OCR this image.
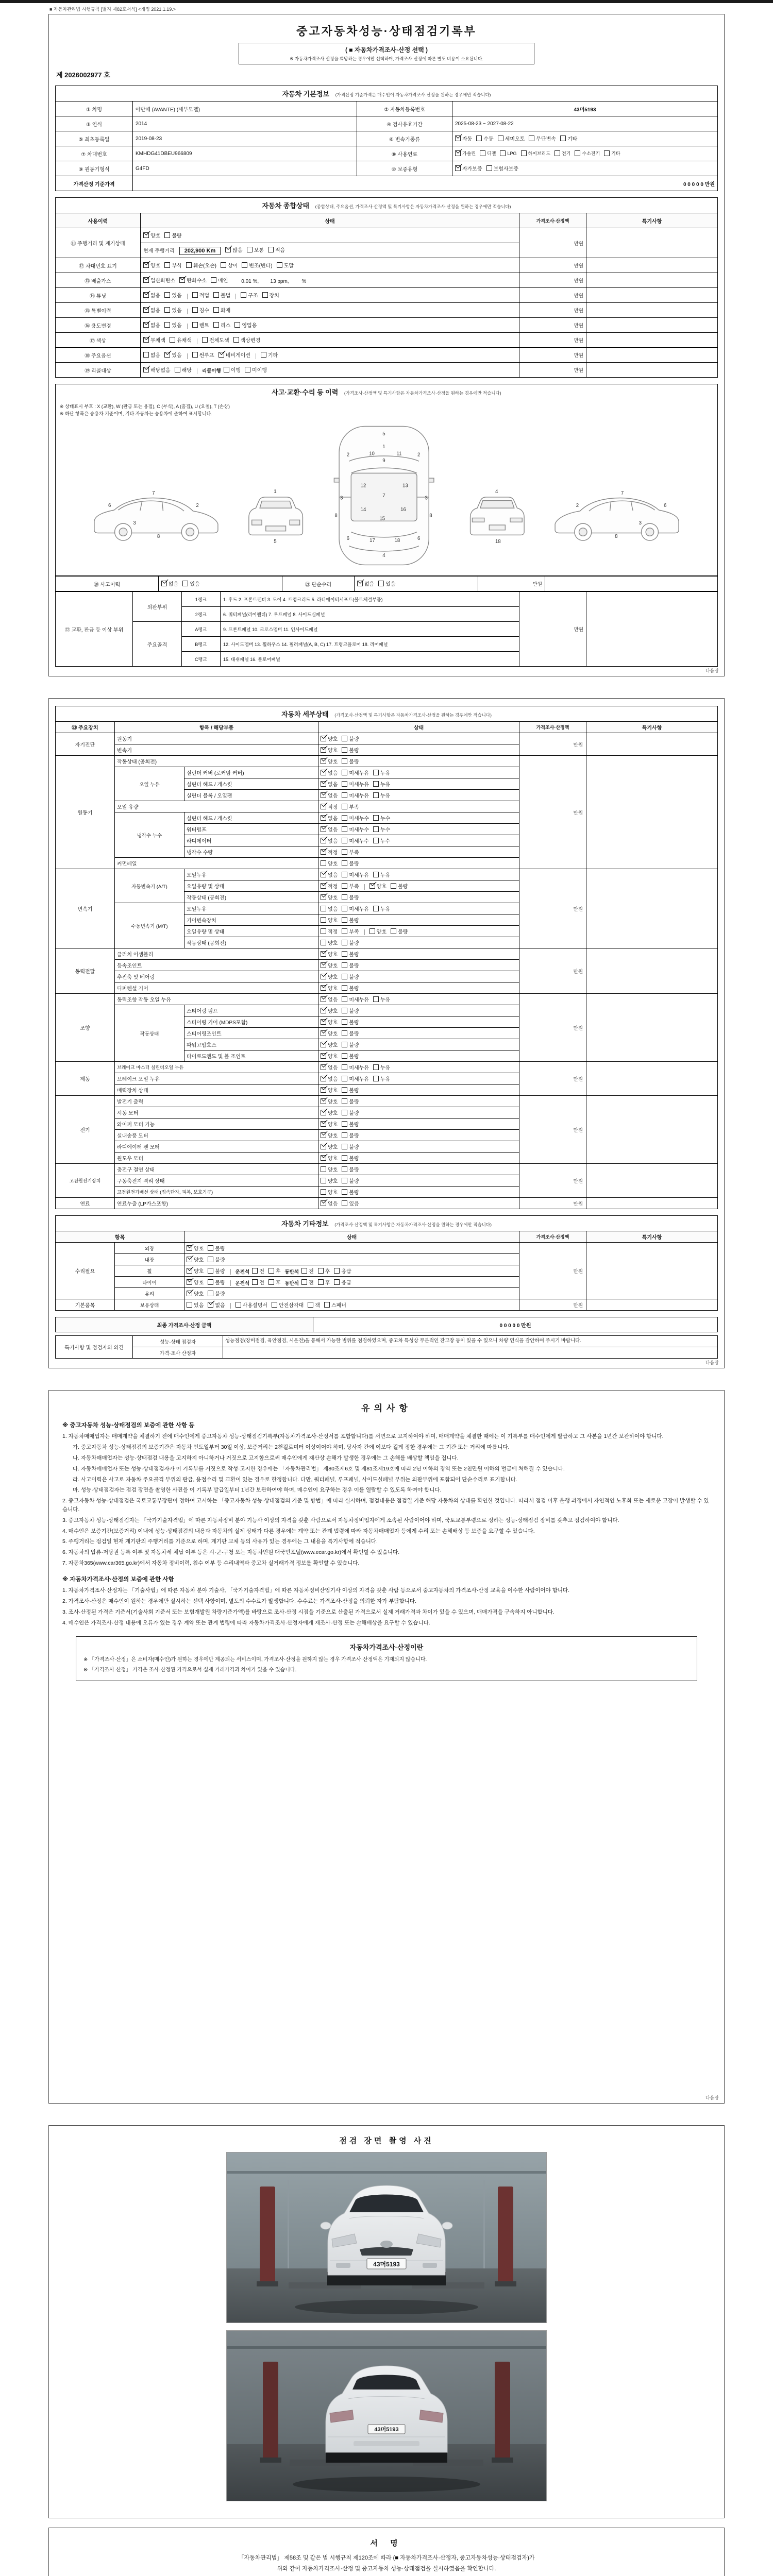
■ 자동차관리법 시행규칙 [별지 제82호서식] <개정 2021.1.19.>
중고자동차성능·상태점검기록부
( ■ 자동차가격조사·산정 선택 )
※ 자동차가격조사·산정을 희망하는 경우에만 선택하며, 가격조사·산정에 따른 별도 비용이 소요됩니다.
제 2026002977 호
자동차 기본정보 (가격산정 기준가격은 매수인이 자동차가격조사·산정을 원하는 경우에만 적습니다)
① 차명	아반떼 (AVANTE) (세부모델)	② 자동차등록번호	43머5193
③ 연식	2014	④ 검사유효기간	2025-08-23 ~ 2027-08-22
⑤ 최초등록일	2019-08-23	⑥ 변속기종류	자동 수동 세미오토 무단변속 기타

⑦ 차대번호	KMHDG41DBEU966809	⑧ 사용연료	가솔린 디젤 LPG 하이브리드 전기 수소전기 기타

⑨ 원동기형식	G4FD	⑩ 보증유형	자가보증 보험사보증

가격산정 기준가격	0 0 0 0 0 만원		
자동차 종합상태 (종합상태, 주요옵션, 가격조사·산정액 및 특기사항은 자동차가격조사·산정을 원하는 경우에만 적습니다)
사용이력	상태	가격조사·산정액	특기사항
⑪ 주행거리 및 계기상태	양호 불량	만원	
	현재 주행거리 202,900 Km 많음 보통 적음		

⑫ 차대번호 표기	양호 부식 훼손(오손) 상이 변조(변타) 도말	만원	
⑬ 배출가스	일산화탄소 탄화수소 매연 0.01 %,        13 ppm,         %	만원	
⑭ 튜닝	없음 있음	적법 불법	구조 장치	만원	
⑮ 특별이력	없음 있음 침수 화재	만원	
⑯ 용도변경	없음 있음 렌트 리스 영업용	만원	
⑰ 색상	무채색 유채색 전체도색 색상변경	만원	
⑱ 주요옵션	없음 있음 썬루프 네비게이션 기타	만원	
⑲ 리콜대상	해당없음 해당 리콜이행 이행 미이행	만원	
사고·교환·수리 등 이력 (가격조사·산정액 및 특기사항은 자동차가격조사·산정을 원하는 경우에만 적습니다)
※ 상태표시 부호 : X (교환), W (판금 또는 용접), C (부식), A (흠집), U (요철), T (손상)
※ 하단 항목은 승용차 기준이며, 기타 자동차는 승용차에 준하여 표시합니다.
5
1
9
10	11
2	2
3	3
8	8
7
12	13
14
15
16
6	6
17	18
4
7
3
2
6
8
7
3
2	6
8
1
5
4
18
⑳ 사고이력	없음 있음	㉑ 단순수리	없음 있음	만원	
㉒ 교환, 판금 등 이상 부위	외판부위	1랭크	1. 후드 2. 프론트펜더 3. 도어 4. 트렁크리드 5. 라디에이터서포트(볼트체결부품)	만원	
		2랭크	6. 쿼터패널(리어펜더) 7. 루프패널 8. 사이드실패널		
	주요골격	A랭크	9. 프론트패널 10. 크로스멤버 11. 인사이드패널		
		B랭크	12. 사이드멤버 13. 휠하우스 14. 필러패널(A, B, C) 17. 트렁크플로어 18. 리어패널		
		C랭크	15. 대쉬패널 16. 플로어패널		
다음장
자동차 세부상태 (가격조사·산정액 및 특기사항은 자동차가격조사·산정을 원하는 경우에만 적습니다)
㉓ 주요장치	항목 / 해당부품		상태	가격조사·산정액	특기사항
자기진단	원동기		양호 불량	만원	
	변속기		양호 불량		

원동기	작동상태 (공회전)		양호 불량	만원	
	오일 누유	실린더 커버 (로커암 커버)	없음 미세누유 누유		

		실린더 헤드 / 개스킷	없음 미세누유 누유		

		실린더 블록 / 오일팬	없음 미세누유 누유		

	오일 유량		적정 부족		

	냉각수 누수	실린더 헤드 / 개스킷	없음 미세누수 누수		

		워터펌프	없음 미세누수 누수		

		라디에이터	없음 미세누수 누수		

		냉각수 수량	적정 부족		

	커먼레일		양호 불량		

변속기	자동변속기 (A/T)	오일누유	없음 미세누유 누유	만원	
		오일유량 및 상태	적정 부족 양호 불량		

		작동상태 (공회전)	양호 불량		

	수동변속기 (M/T)	오일누유	없음 미세누유 누유		

		기어변속장치	양호 불량		

		오일유량 및 상태	적정 부족 양호 불량		

		작동상태 (공회전)	양호 불량		

동력전달	클러치 어셈블리		양호 불량	만원	
	등속조인트		양호 불량		

	추진축 및 베어링		양호 불량		

	디퍼렌셜 기어		양호 불량		

조향	동력조향 작동 오일 누유		없음 미세누유 누유	만원	
	작동상태	스티어링 펌프	양호 불량		

		스티어링 기어 (MDPS포함)	양호 불량		

		스티어링조인트	양호 불량		

		파워고압호스	양호 불량		

		타이로드엔드 및 볼 조인트	양호 불량		

제동	브레이크 마스터 실린더오일 누유		없음 미세누유 누유	만원	
	브레이크 오일 누유		없음 미세누유 누유		

	배력장치 상태		양호 불량		

전기	발전기 출력		양호 불량	만원	
	시동 모터		양호 불량		

	와이퍼 모터 기능		양호 불량		

	실내송풍 모터		양호 불량		

	라디에이터 팬 모터		양호 불량		

	윈도우 모터		양호 불량		

고전원전기장치	충전구 절연 상태		양호 불량	만원	
	구동축전지 격리 상태		양호 불량		

	고전원전기배선 상태 (접속단자, 피복, 보호기구)		양호 불량		

연료	연료누출 (LP가스포함)		없음 있음	만원	
자동차 기타정보 (가격조사·산정액 및 특기사항은 자동차가격조사·산정을 원하는 경우에만 적습니다)
항목		상태	가격조사·산정액	특기사항
수리필요	외장	양호 불량	만원	
	내장	양호 불량		

휠	양호 불량 운전석 전 후 동반석 전 후 응급

타이어	양호 불량 운전석 전 후 동반석 전 후 응급

	유리	양호 불량		

기본품목	보유상태	있음 없음	사용설명서 안전삼각대 잭 스패너	만원	
최종 가격조사·산정 금액	0 0 0 0 0 만원
특기사항 및 점검자의 의견	성능·상태 점검자	성능점검(장비점검, 육안점검, 시운전)을 통해서 가능한 범위를 점검하였으며, 중고차 특성상 부분적인 잔고장 등이 있을 수 있으니 차량 연식을 감안하여 주시기 바랍니다.
	가격·조사 산정자	
다음장
유의사항

※ 중고자동차 성능·상태점검의 보증에 관한 사항 등

1. 자동차매매업자는 매매계약을 체결하기 전에 매수인에게 중고자동차 성능·상태점검기록부(자동차가격조사·산정서를 포함합니다)를 서면으로 고지하여야 하며, 매매계약을 체결한 때에는 이 기록부를 매수인에게 발급하고 그 사본을 1년간 보관하여야 합니다.

가. 중고자동차 성능·상태점검의 보증기간은 자동차 인도일부터 30일 이상, 보증거리는 2천킬로미터 이상이어야 하며, 당사자 간에 이보다 길게 정한 경우에는 그 기간 또는 거리에 따릅니다.

나. 자동차매매업자는 성능·상태점검 내용을 고지하지 아니하거나 거짓으로 고지함으로써 매수인에게 재산상 손해가 발생한 경우에는 그 손해를 배상할 책임을 집니다.

다. 자동차매매업자 또는 성능·상태점검자가 이 기록부를 거짓으로 작성·고지한 경우에는 「자동차관리법」 제80조제6호 및 제81조제19호에 따라 2년 이하의 징역 또는 2천만원 이하의 벌금에 처해질 수 있습니다.

라. 사고이력은 사고로 자동차 주요골격 부위의 판금, 용접수리 및 교환이 있는 경우로 한정합니다. 다만, 쿼터패널, 루프패널, 사이드실패널 부위는 외판부위에 포함되어 단순수리로 표기합니다.

마. 성능·상태점검자는 점검 장면을 촬영한 사진을 이 기록부 발급일부터 1년간 보관하여야 하며, 매수인이 요구하는 경우 이를 열람할 수 있도록 하여야 합니다.

2. 중고자동차 성능·상태점검은 국토교통부장관이 정하여 고시하는 「중고자동차 성능·상태점검의 기준 및 방법」에 따라 실시하며, 점검내용은 점검일 기준 해당 자동차의 상태를 확인한 것입니다. 따라서 점검 이후 운행 과정에서 자연적인 노후화 또는 새로운 고장이 발생할 수 있습니다.

3. 중고자동차 성능·상태점검자는 「국가기술자격법」에 따른 자동차정비 분야 기능사 이상의 자격을 갖춘 사람으로서 자동차정비업자에게 소속된 사람이어야 하며, 국토교통부령으로 정하는 성능·상태점검 장비를 갖추고 점검하여야 합니다.

4. 매수인은 보증기간(보증거리) 이내에 성능·상태점검의 내용과 자동차의 실제 상태가 다른 경우에는 계약 또는 관계 법령에 따라 자동차매매업자 등에게 수리 또는 손해배상 등 보증을 요구할 수 있습니다.

5. 주행거리는 점검일 현재 계기판의 주행거리를 기준으로 하며, 계기판 교체 등의 사유가 있는 경우에는 그 내용을 특기사항에 적습니다.

6. 자동차의 압류·저당권 등록 여부 및 자동차세 체납 여부 등은 시·군·구청 또는 자동차민원 대국민포털(www.ecar.go.kr)에서 확인할 수 있습니다.

7. 자동차365(www.car365.go.kr)에서 자동차 정비이력, 침수 여부 등 수리내역과 중고차 실거래가격 정보를 확인할 수 있습니다.

※ 자동차가격조사·산정의 보증에 관한 사항

1. 자동차가격조사·산정자는 「기술사법」에 따른 자동차 분야 기술사, 「국가기술자격법」에 따른 자동차정비산업기사 이상의 자격을 갖춘 사람 등으로서 중고자동차의 가격조사·산정 교육을 이수한 사람이어야 합니다.

2. 가격조사·산정은 매수인이 원하는 경우에만 실시하는 선택 사항이며, 별도의 수수료가 발생합니다. 수수료는 가격조사·산정을 의뢰한 자가 부담합니다.

3. 조사·산정된 가격은 기준서(기술사회 기준서 또는 보험개발원 차량기준가액)를 바탕으로 조사·산정 시점을 기준으로 산출된 가격으로서 실제 거래가격과 차이가 있을 수 있으며, 매매가격을 구속하지 아니합니다.

4. 매수인은 가격조사·산정 내용에 오류가 있는 경우 계약 또는 관계 법령에 따라 자동차가격조사·산정자에게 재조사·산정 또는 손해배상을 요구할 수 있습니다.

자동차가격조사·산정이란

※ 「가격조사·산정」은 소비자(매수인)가 원하는 경우에만 제공되는 서비스이며, 가격조사·산정을 원하지 않는 경우 가격조사·산정액은 기재되지 않습니다.

※ 「가격조사·산정」 가격은 조사·산정된 가격으로서 실제 거래가격과 차이가 있을 수 있습니다.

다음장
점검 장면 촬영 사진
43머5193
43머5193
서 명

「자동차관리법」 제58조 및 같은 법 시행규칙 제120조에 따라 (■ 자동차가격조사·산정자, 중고자동차성능·상태점검자)가

위와 같이 자동차가격조사·산정 및 중고자동차 성능·상태점검을 실시하였음을 확인합니다.
